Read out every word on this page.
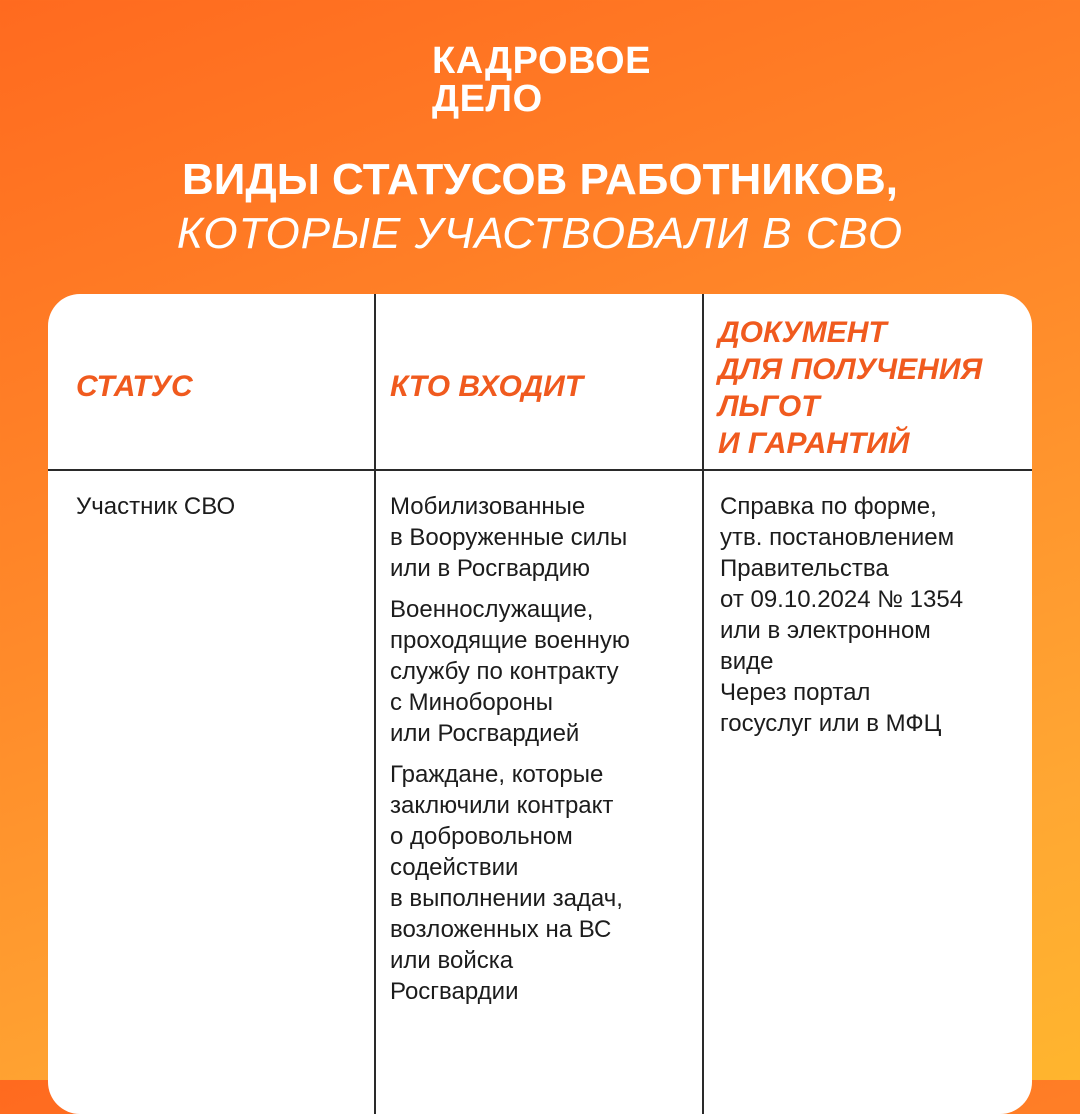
КАДРОВОЕ
ДЕЛО
ВИДЫ СТАТУСОВ РАБОТНИКОВ,
КОТОРЫЕ УЧАСТВОВАЛИ В СВО
СТАТУС	КТО ВХОДИТ
ДОКУМЕНТ
ДЛЯ ПОЛУЧЕНИЯ
ЛЬГОТ
И ГАРАНТИЙ
Участник СВО	Мобилизованные
в Вооруженные силы
или в Росгвардию

Военнослужащие,
проходящие военную
службу по контракту
с Минобороны
или Росгвардией

Граждане, которые
заключили контракт
о добровольном
содействии
в выполнении задач,
возложенных на ВС
или войска
Росгвардии

Справка по форме,
утв. постановлением
Правительства
от 09.10.2024 № 1354
или в электронном
виде
Через портал
госуслуг или в МФЦ
